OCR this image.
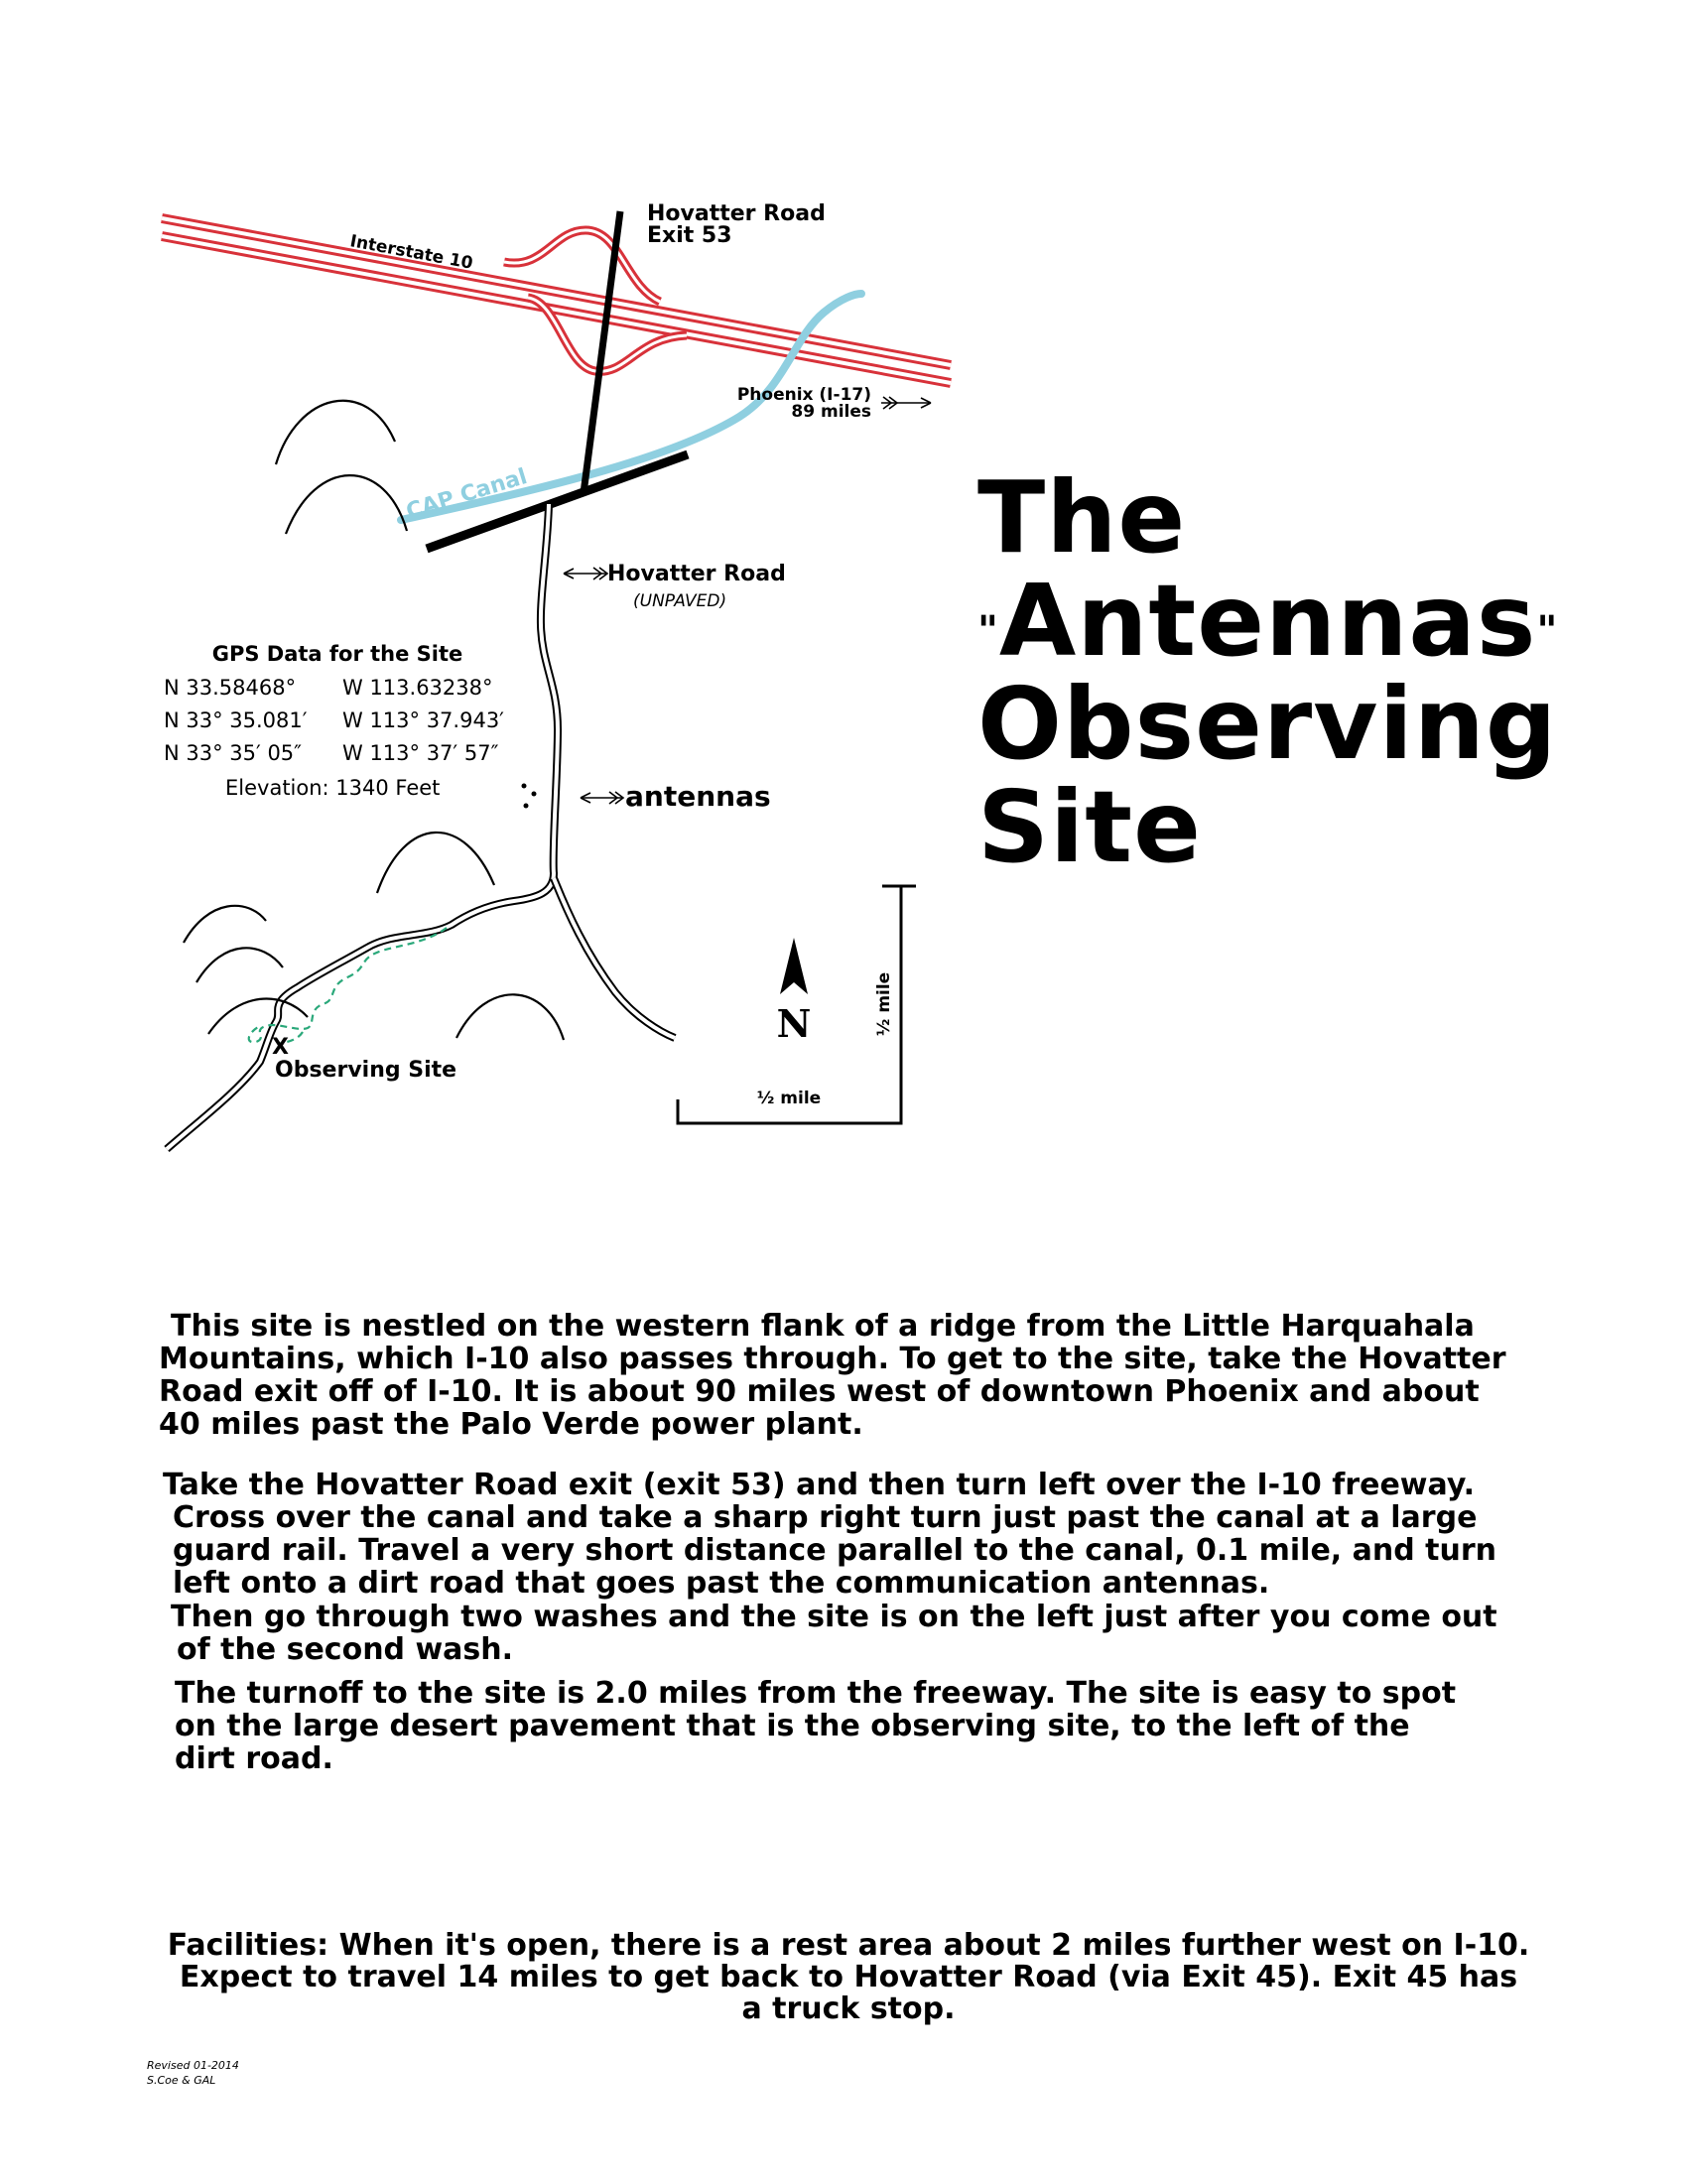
N
½ mile
½ mile
Interstate 10
Hovatter Road
Exit 53
Phoenix (I-17)
89 miles
CAP Canal
Hovatter Road
(UNPAVED)
antennas
X
Observing Site
GPS Data for the Site
N 33.58468° W 113.63238°
N 33° 35.081′ W 113° 37.943′
N 33° 35′ 05″ W 113° 37′ 57″
Elevation: 1340 Feet
The
"Antennas"
Observing
Site
This site is nestled on the western flank of a ridge from the Little Harquahala
Mountains, which I-10 also passes through. To get to the site, take the Hovatter
Road exit off of I-10. It is about 90 miles west of downtown Phoenix and about
40 miles past the Palo Verde power plant.
Take the Hovatter Road exit (exit 53) and then turn left over the I-10 freeway.
Cross over the canal and take a sharp right turn just past the canal at a large
guard rail. Travel a very short distance parallel to the canal, 0.1 mile, and turn
left onto a dirt road that goes past the communication antennas.
Then go through two washes and the site is on the left just after you come out
of the second wash.
The turnoff to the site is 2.0 miles from the freeway. The site is easy to spot
on the large desert pavement that is the observing site, to the left of the
dirt road.
Facilities: When it's open, there is a rest area about 2 miles further west on I-10.
Expect to travel 14 miles to get back to Hovatter Road (via Exit 45). Exit 45 has
a truck stop.
Revised 01-2014
S.Coe & GAL
